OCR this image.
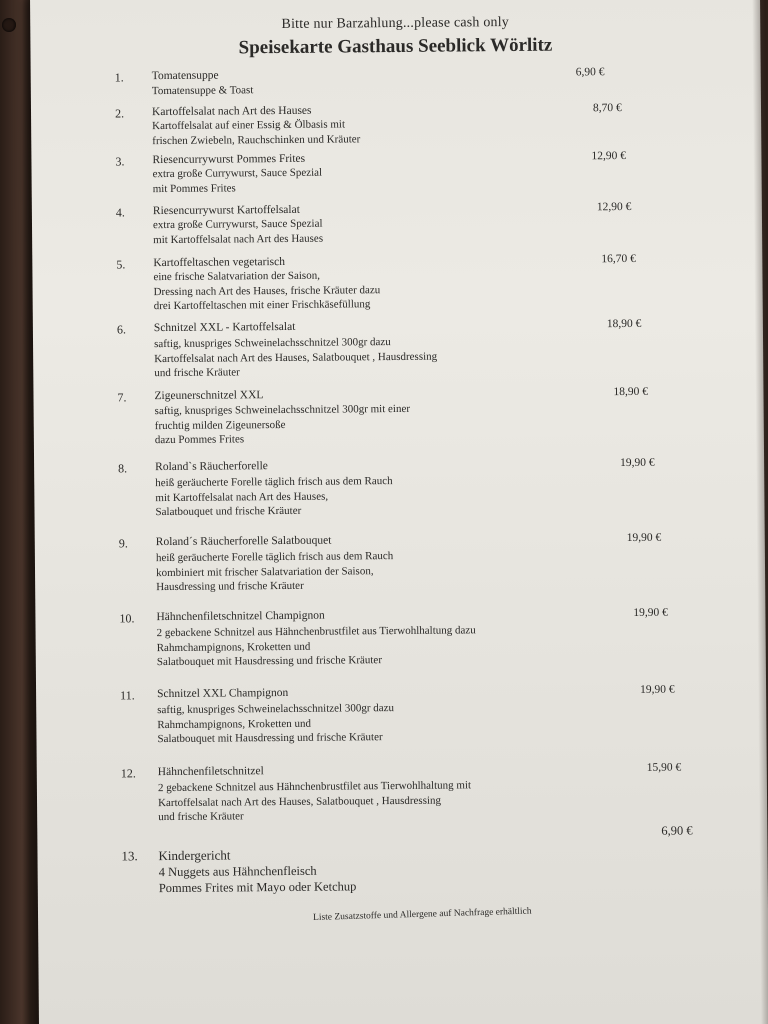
Bitte nur Barzahlung...please cash only
Speisekarte Gasthaus Seeblick Wörlitz
1. Tomatensuppe
Tomatensuppe & Toast
6,90 €
2. Kartoffelsalat nach Art des Hauses
Kartoffelsalat auf einer Essig & Ölbasis mit
frischen Zwiebeln, Rauchschinken und Kräuter
8,70 €
3. Riesencurrywurst Pommes Frites
extra große Currywurst, Sauce Spezial
mit Pommes Frites
12,90 €
4. Riesencurrywurst Kartoffelsalat
extra große Currywurst, Sauce Spezial
mit Kartoffelsalat nach Art des Hauses
12,90 €
5. Kartoffeltaschen vegetarisch
eine frische Salatvariation der Saison,
Dressing nach Art des Hauses, frische Kräuter dazu
drei Kartoffeltaschen mit einer Frischkäsefüllung
16,70 €
6. Schnitzel XXL - Kartoffelsalat
saftig, knuspriges Schweinelachsschnitzel 300gr dazu
Kartoffelsalat nach Art des Hauses, Salatbouquet , Hausdressing
und frische Kräuter
18,90 €
7. Zigeunerschnitzel XXL
saftig, knuspriges Schweinelachsschnitzel 300gr mit einer
fruchtig milden Zigeunersoße
dazu Pommes Frites
18,90 €
8. Roland`s Räucherforelle
heiß geräucherte Forelle täglich frisch aus dem Rauch
mit Kartoffelsalat nach Art des Hauses,
Salatbouquet und frische Kräuter
19,90 €
9. Roland´s Räucherforelle Salatbouquet
heiß geräucherte Forelle täglich frisch aus dem Rauch
kombiniert mit frischer Salatvariation der Saison,
Hausdressing und frische Kräuter
19,90 €
10. Hähnchenfiletschnitzel Champignon
2 gebackene Schnitzel aus Hähnchenbrustfilet aus Tierwohlhaltung dazu
Rahmchampignons, Kroketten und
Salatbouquet mit Hausdressing und frische Kräuter
19,90 €
11. Schnitzel XXL Champignon
saftig, knuspriges Schweinelachsschnitzel 300gr dazu
Rahmchampignons, Kroketten und
Salatbouquet mit Hausdressing und frische Kräuter
19,90 €
12. Hähnchenfiletschnitzel
2 gebackene Schnitzel aus Hähnchenbrustfilet aus Tierwohlhaltung mit
Kartoffelsalat nach Art des Hauses, Salatbouquet , Hausdressing
und frische Kräuter
15,90 €
13. Kindergericht
4 Nuggets aus Hähnchenfleisch
Pommes Frites mit Mayo oder Ketchup
6,90 €
Liste Zusatzstoffe und Allergene auf Nachfrage erhältlich
